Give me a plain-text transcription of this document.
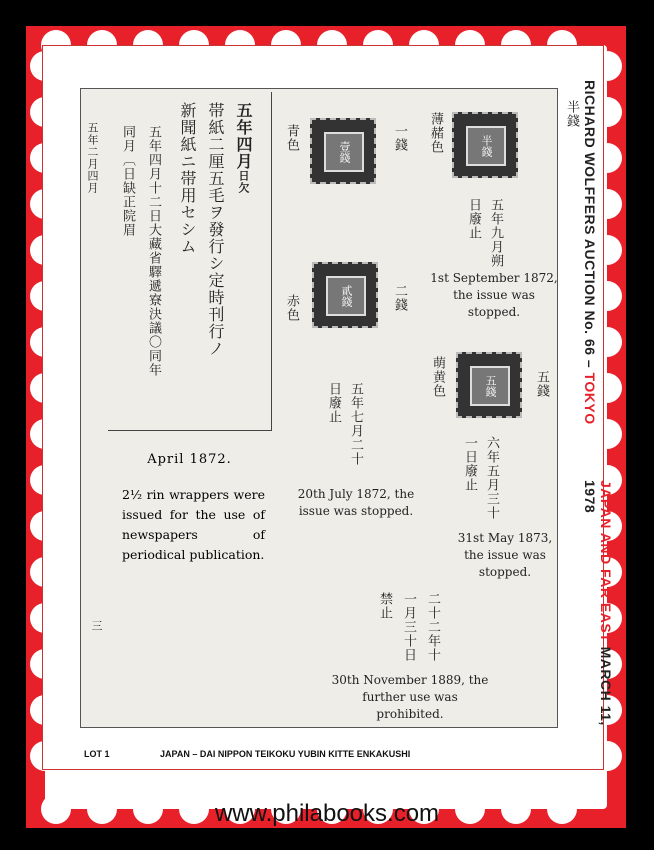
RICHARD WOLFFERS AUCTION No. 66 – TOKYO
JAPAN AND FAR EAST MARCH 11, 1978
五年二月四月
三
五年四月日欠
帯紙二厘五毛ヲ發行シ定時刊行ノ
新聞紙ニ帯用セシム
五年四月十二日大藏省驛遞寮決議〇同年
同月〔日缺正院眉
April 1872.
2½ rin wrappers were issued for the use of newspapers of periodical publication.
半錢
薄赭色	半錢
五年九月朔日廢止
1st September 1872, the issue was stopped.
一錢
青色	壹錢
二錢
赤色	貳錢
五年七月二十日廢止
20th July 1872, the issue was stopped.
五錢
萌黄色	五錢
六年五月三十一日廢止
31st May 1873, the issue was stopped.
二十二年十一月三十日禁止
30th November 1889, the further use was prohibited.
LOT 1	JAPAN – DAI NIPPON TEIKOKU YUBIN KITTE ENKAKUSHI
www.philabooks.com
